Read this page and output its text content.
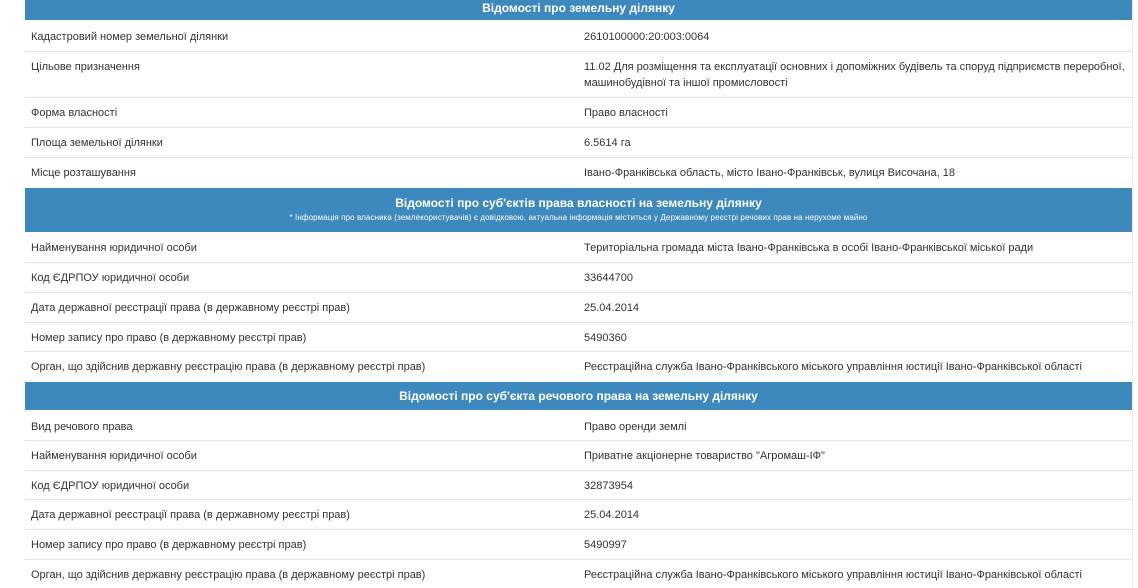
Відомості про земельну ділянку
Кадастровий номер земельної ділянки	2610100000:20:003:0064
Цільове призначення	11.02 Для розміщення та експлуатації основних і допоміжних будівель та споруд підприємств переробної, машинобудівної та іншої промисловості
Форма власності	Право власності
Площа земельної ділянки	6.5614 га
Місце розташування	Івано-Франківська область, місто Івано-Франківськ, вулиця Височана, 18
Відомості про суб'єктів права власності на земельну ділянку
* Інформація про власника (землекористувачів) є довідковою, актуальна інформація міститься у Державному реєстрі речових прав на нерухоме майно
Найменування юридичної особи	Територіальна громада міста Івано-Франківська в особі Івано-Франківської міської ради
Код ЄДРПОУ юридичної особи	33644700
Дата державної реєстрації права (в державному реєстрі прав)	25.04.2014
Номер запису про право (в державному реєстрі прав)	5490360
Орган, що здійснив державну реєстрацію права (в державному реєстрі прав)	Реєстраційна служба Івано-Франківського міського управління юстиції Івано-Франківської області
Відомості про суб'єкта речового права на земельну ділянку
Вид речового права	Право оренди землі
Найменування юридичної особи	Приватне акціонерне товариство "Агромаш-ІФ"
Код ЄДРПОУ юридичної особи	32873954
Дата державної реєстрації права (в державному реєстрі прав)	25.04.2014
Номер запису про право (в державному реєстрі прав)	5490997
Орган, що здійснив державну реєстрацію права (в державному реєстрі прав)	Реєстраційна служба Івано-Франківського міського управління юстиції Івано-Франківської області
